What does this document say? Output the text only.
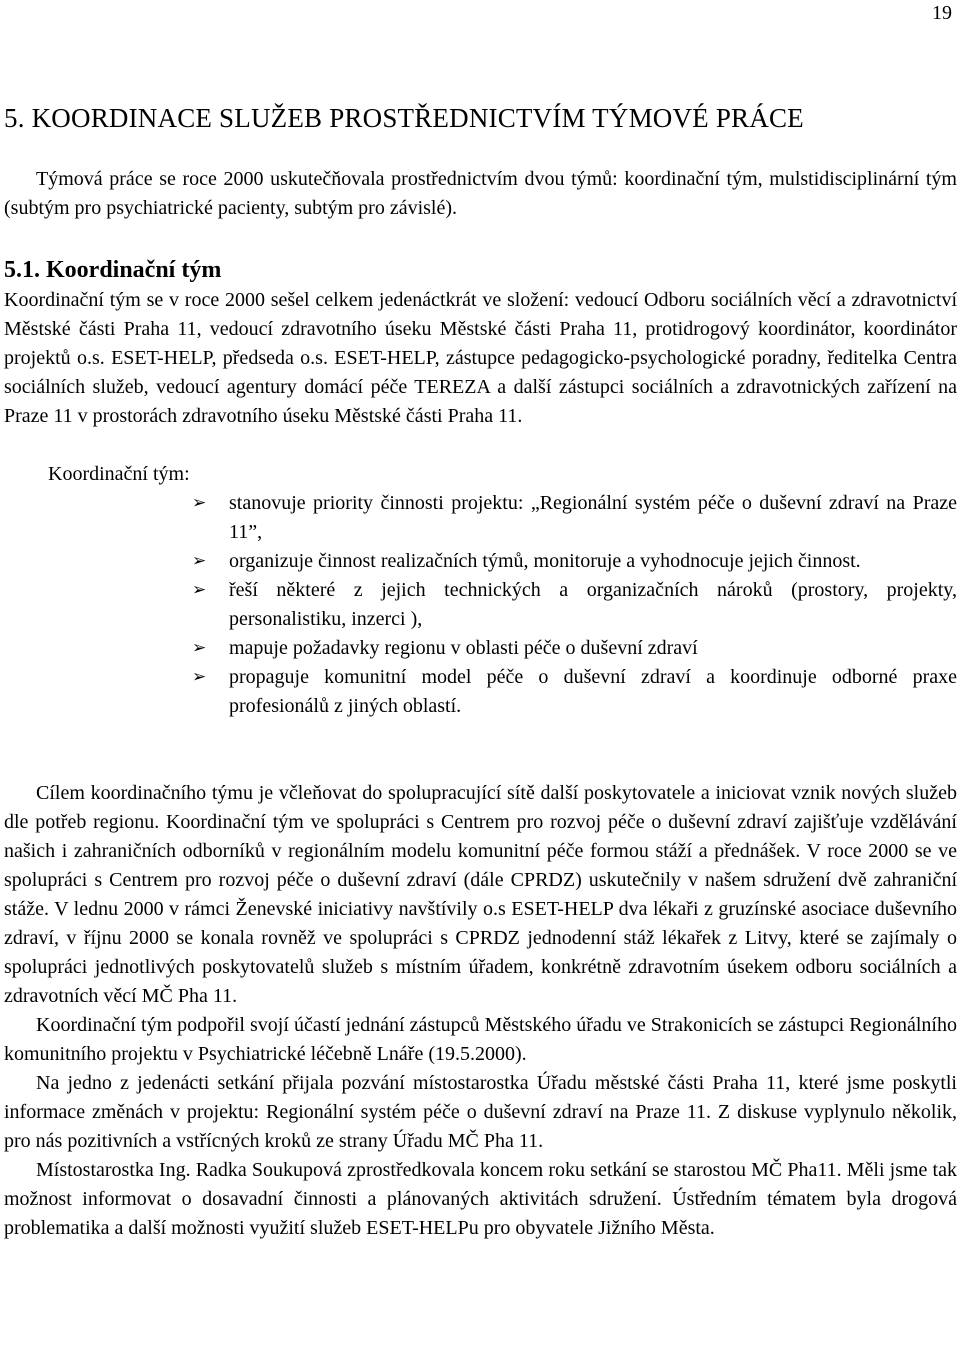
19
5. KOORDINACE SLUŽEB PROSTŘEDNICTVÍM TÝMOVÉ PRÁCE

Týmová práce se roce 2000 uskutečňovala prostřednictvím dvou týmů: koordinační tým, mulstidisciplinární tým (subtým pro psychiatrické pacienty, subtým pro závislé).

5.1. Koordinační tým

Koordinační tým se v roce 2000 sešel celkem jedenáctkrát ve složení: vedoucí Odboru sociálních věcí a zdravotnictví Městské části Praha 11, vedoucí zdravotního úseku Městské části Praha 11, protidrogový koordinátor, koordinátor projektů o.s. ESET-HELP, předseda o.s. ESET-HELP, zástupce pedagogicko-psychologické poradny, ředitelka Centra sociálních služeb, vedoucí agentury domácí péče TEREZA a další zástupci sociálních a zdravotnických zařízení na Praze 11 v prostorách zdravotního úseku Městské části Praha 11.

Koordinační tým:
➢ stanovuje priority činnosti projektu: „Regionální systém péče o duševní zdraví na Praze 11”,
➢ organizuje činnost realizačních týmů, monitoruje a vyhodnocuje jejich činnost.
➢ řeší některé z jejich technických a organizačních nároků (prostory, projekty, personalistiku, inzerci ),
➢ mapuje požadavky regionu v oblasti péče o duševní zdraví
➢ propaguje komunitní model péče o duševní zdraví a koordinuje odborné praxe profesionálů z jiných oblastí.

Cílem koordinačního týmu je včleňovat do spolupracující sítě další poskytovatele a iniciovat vznik nových služeb dle potřeb regionu. Koordinační tým ve spolupráci s Centrem pro rozvoj péče o duševní zdraví zajišťuje vzdělávání našich i zahraničních odborníků v regionálním modelu komunitní péče formou stáží a přednášek. V roce 2000 se ve spolupráci s Centrem pro rozvoj péče o duševní zdraví (dále CPRDZ) uskutečnily v našem sdružení dvě zahraniční stáže. V lednu 2000 v rámci Ženevské iniciativy navštívily o.s ESET-HELP dva lékaři z gruzínské asociace duševního zdraví, v říjnu 2000 se konala rovněž ve spolupráci s CPRDZ jednodenní stáž lékařek z Litvy, které se zajímaly o spolupráci jednotlivých poskytovatelů služeb s místním úřadem, konkrétně zdravotním úsekem odboru sociálních a zdravotních věcí MČ Pha 11.

Koordinační tým podpořil svojí účastí jednání zástupců Městského úřadu ve Strakonicích se zástupci Regionálního komunitního projektu v Psychiatrické léčebně Lnáře (19.5.2000).

Na jedno z jedenácti setkání přijala pozvání místostarostka Úřadu městské části Praha 11, které jsme poskytli informace změnách v projektu: Regionální systém péče o duševní zdraví na Praze 11. Z diskuse vyplynulo několik, pro nás pozitivních a vstřícných kroků ze strany Úřadu MČ Pha 11.

Místostarostka Ing. Radka Soukupová zprostředkovala koncem roku setkání se starostou MČ Pha11. Měli jsme tak možnost informovat o dosavadní činnosti a plánovaných aktivitách sdružení. Ústředním tématem byla drogová problematika a další možnosti využití služeb ESET-HELPu pro obyvatele Jižního Města.
